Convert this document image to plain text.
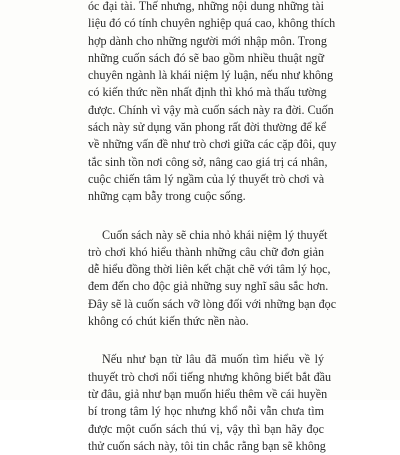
óc đại tài. Thế nhưng, những nội dung những tài
liệu đó có tính chuyên nghiệp quá cao, không thích
hợp dành cho những người mới nhập môn. Trong
những cuốn sách đó sẽ bao gồm nhiều thuật ngữ
chuyên ngành là khái niệm lý luận, nếu như không
có kiến thức nền nhất định thì khó mà thấu tường
được. Chính vì vậy mà cuốn sách này ra đời. Cuốn
sách này sử dụng văn phong rất đời thường để kể
về những vấn đề như trò chơi giữa các cặp đôi, quy
tắc sinh tồn nơi công sở, nâng cao giá trị cá nhân,
cuộc chiến tâm lý ngầm của lý thuyết trò chơi và
những cạm bẫy trong cuộc sống.
Cuốn sách này sẽ chia nhỏ khái niệm lý thuyết
trò chơi khó hiểu thành những câu chữ đơn giản
dễ hiểu đồng thời liên kết chặt chẽ với tâm lý học,
đem đến cho độc giả những suy nghĩ sâu sắc hơn.
Đây sẽ là cuốn sách vỡ lòng đối với những bạn đọc
không có chút kiến thức nền nào.
Nếu như bạn từ lâu đã muốn tìm hiểu về lý
thuyết trò chơi nổi tiếng nhưng không biết bắt đầu
từ đâu, giả như bạn muốn hiểu thêm về cái huyền
bí trong tâm lý học nhưng khổ nỗi vẫn chưa tìm
được một cuốn sách thú vị, vậy thì bạn hãy đọc
thử cuốn sách này, tôi tin chắc rằng bạn sẽ không
